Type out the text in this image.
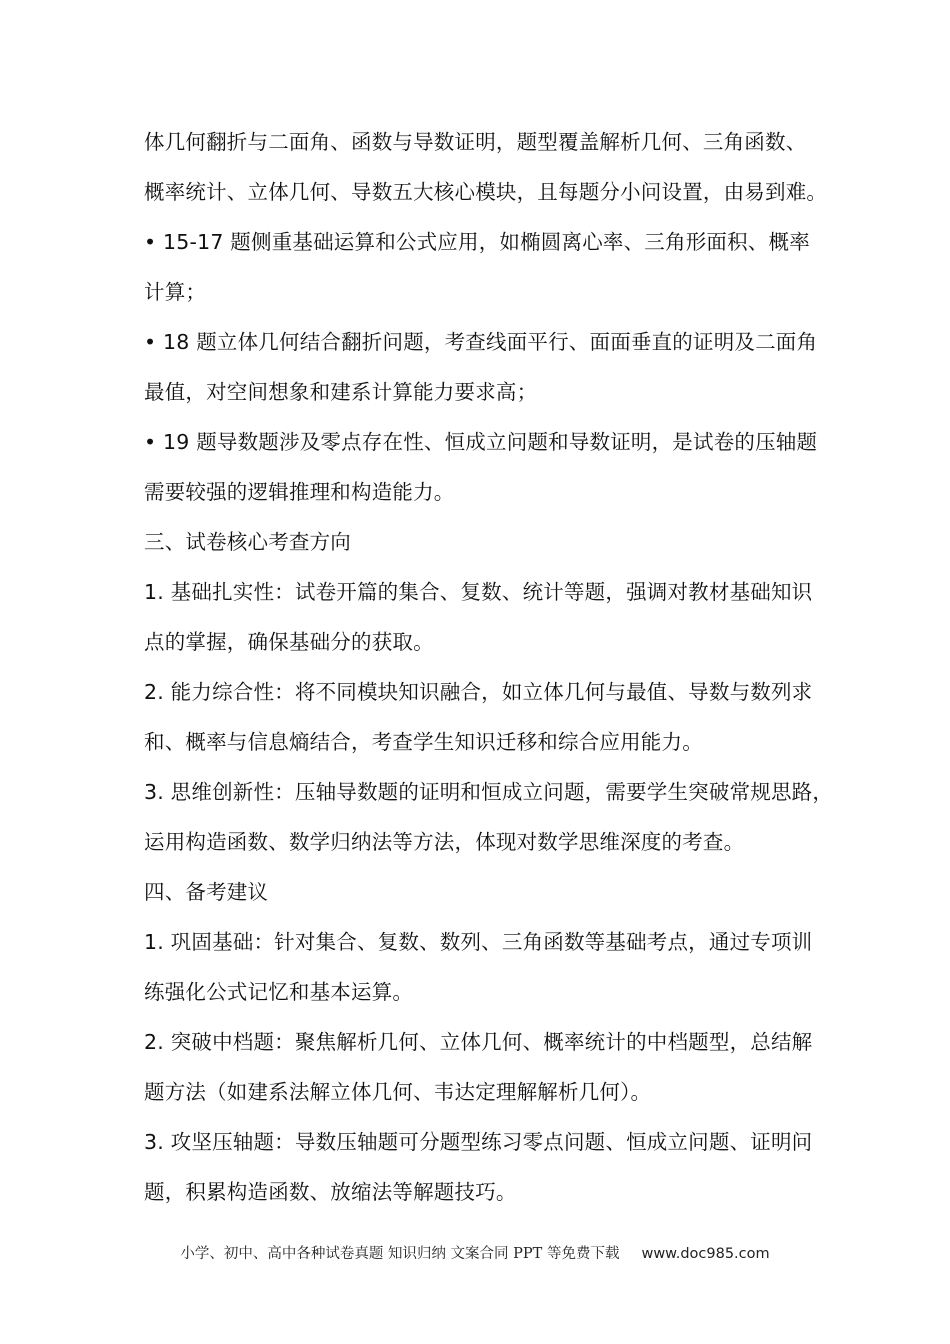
体几何翻折与二面角、函数与导数证明，题型覆盖解析几何、三角函数、
概率统计、立体几何、导数五大核心模块，且每题分小问设置，由易到难。
• 15-17 题侧重基础运算和公式应用，如椭圆离心率、三角形面积、概率
计算；
• 18 题立体几何结合翻折问题，考查线面平行、面面垂直的证明及二面角
最值，对空间想象和建系计算能力要求高；
• 19 题导数题涉及零点存在性、恒成立问题和导数证明，是试卷的压轴题
需要较强的逻辑推理和构造能力。
三、试卷核心考查方向
1. 基础扎实性：试卷开篇的集合、复数、统计等题，强调对教材基础知识
点的掌握，确保基础分的获取。
2. 能力综合性：将不同模块知识融合，如立体几何与最值、导数与数列求
和、概率与信息熵结合，考查学生知识迁移和综合应用能力。
3. 思维创新性：压轴导数题的证明和恒成立问题，需要学生突破常规思路，
运用构造函数、数学归纳法等方法，体现对数学思维深度的考查。
四、备考建议
1. 巩固基础：针对集合、复数、数列、三角函数等基础考点，通过专项训
练强化公式记忆和基本运算。
2. 突破中档题：聚焦解析几何、立体几何、概率统计的中档题型，总结解
题方法（如建系法解立体几何、韦达定理解解析几何）。
3. 攻坚压轴题：导数压轴题可分题型练习零点问题、恒成立问题、证明问
题，积累构造函数、放缩法等解题技巧。
小学、初中、高中各种试卷真题 知识归纳 文案合同 PPT 等免费下载 www.doc985.com
